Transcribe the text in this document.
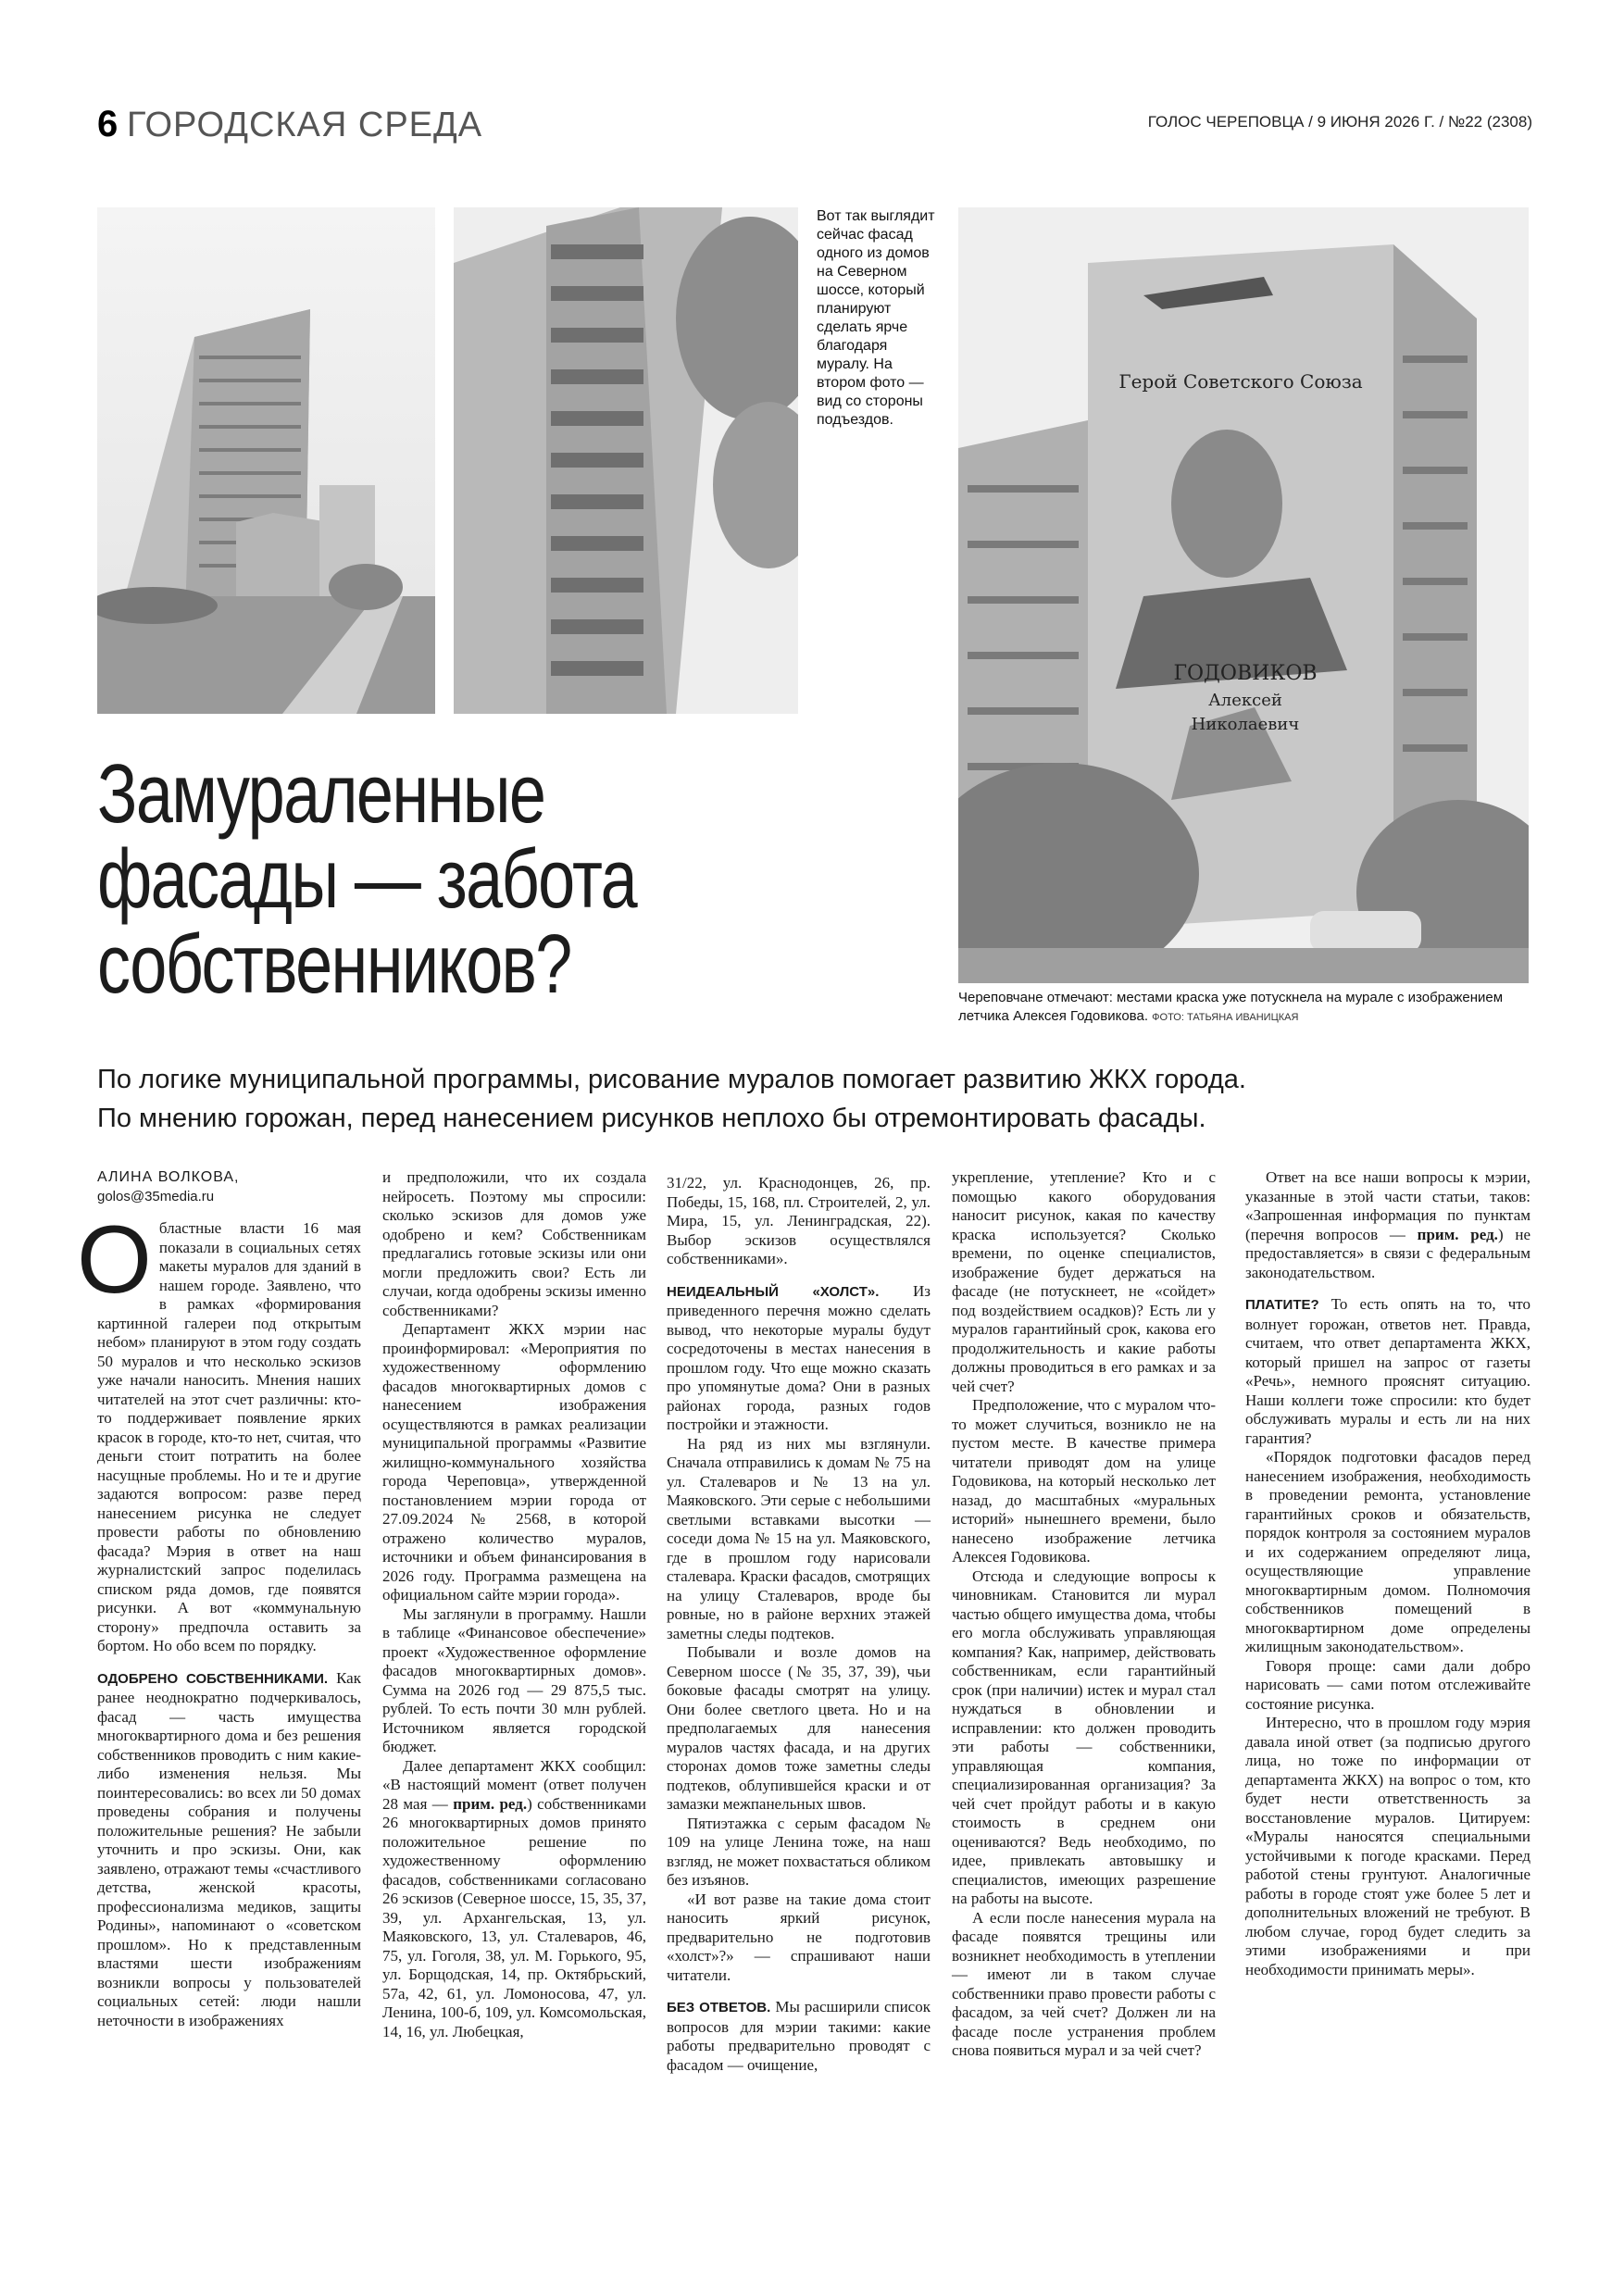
6 ГОРОДСКАЯ СРЕДА	ГОЛОС ЧЕРЕПОВЦА / 9 ИЮНЯ 2026 Г. / №22 (2308)
Вот так выглядит сейчас фасад одного из домов на Северном шоссе, который планируют сделать ярче благодаря муралу. На втором фото — вид со стороны подъездов.
Герой Советского Союза
ГОДОВИКОВ
Алексей
Николаевич
Череповчане отмечают: местами краска уже потускнела на мурале с изображением летчика Алексея Годовикова. ФОТО: ТАТЬЯНА ИВАНИЦКАЯ
Замураленные
фасады — забота
собственников?
По логике муниципальной программы, рисование муралов помогает развитию ЖКХ города.
По мнению горожан, перед нанесением рисунков неплохо бы отремонтировать фасады.

АЛИНА ВОЛКОВА,

golos@35media.ru

Областные власти 16 мая показали в социальных сетях макеты муралов для зданий в нашем городе. Заявлено, что в рамках «формирования картинной галереи под открытым небом» планируют в этом году создать 50 муралов и что несколько эскизов уже начали наносить. Мнения наших читателей на этот счет различны: кто-то поддерживает появление ярких красок в городе, кто-то нет, считая, что деньги стоит потратить на более насущные проблемы. Но и те и другие задаются вопросом: разве перед нанесением рисунка не следует провести работы по обновлению фасада? Мэрия в ответ на наш журналистский запрос поделилась списком ряда домов, где появятся рисунки. А вот «коммунальную сторону» предпочла оставить за бортом. Но обо всем по порядку.

ОДОБРЕНО СОБСТВЕННИКАМИ. Как ранее неоднократно подчеркивалось, фасад — часть имущества многоквартирного дома и без решения собственников проводить с ним какие-либо изменения нельзя. Мы поинтересовались: во всех ли 50 домах проведены собрания и получены положительные решения? Не забыли уточнить и про эскизы. Они, как заявлено, отражают темы «счастливого детства, женской красоты, профессионализма медиков, защиты Родины», напоминают о «советском прошлом». Но к представленным властями шести изображениям возникли вопросы у пользователей социальных сетей: люди нашли неточности в изображениях

и предположили, что их создала нейросеть. Поэтому мы спросили: сколько эскизов для домов уже одобрено и кем? Собственникам предлагались готовые эскизы или они могли предложить свои? Есть ли случаи, когда одобрены эскизы именно собственниками?

Департамент ЖКХ мэрии нас проинформировал: «Мероприятия по художественному оформлению фасадов многоквартирных домов с нанесением изображения осуществляются в рамках реализации муниципальной программы «Развитие жилищно-коммунального хозяйства города Череповца», утвержденной постановлением мэрии города от 27.09.2024 № 2568, в которой отражено количество муралов, источники и объем финансирования в 2026 году. Программа размещена на официальном сайте мэрии города».

Мы заглянули в программу. Нашли в таблице «Финансовое обеспечение» проект «Художественное оформление фасадов многоквартирных домов». Сумма на 2026 год — 29 875,5 тыс. рублей. То есть почти 30 млн рублей. Источником является городской бюджет.

Далее департамент ЖКХ сообщил: «В настоящий момент (ответ получен 28 мая — прим. ред.) собственниками 26 многоквартирных домов принято положительное решение по художественному оформлению фасадов, собственниками согласовано 26 эскизов (Северное шоссе, 15, 35, 37, 39, ул. Архангельская, 13, ул. Маяковского, 13, ул. Сталеваров, 46, 75, ул. Гоголя, 38, ул. М. Горького, 95, ул. Борщодская, 14, пр. Октябрьский, 57а, 42, 61, ул. Ломоносова, 47, ул. Ленина, 100-б, 109, ул. Комсомольская, 14, 16, ул. Любецкая,

31/22, ул. Краснодонцев, 26, пр. Победы, 15, 168, пл. Строителей, 2, ул. Мира, 15, ул. Ленинградская, 22). Выбор эскизов осуществлялся собственниками».

НЕИДЕАЛЬНЫЙ «ХОЛСТ». Из приведенного перечня можно сделать вывод, что некоторые муралы будут сосредоточены в местах нанесения в прошлом году. Что еще можно сказать про упомянутые дома? Они в разных районах города, разных годов постройки и этажности.

На ряд из них мы взглянули. Сначала отправились к домам № 75 на ул. Сталеваров и № 13 на ул. Маяковского. Эти серые с небольшими светлыми вставками высотки — соседи дома № 15 на ул. Маяковского, где в прошлом году нарисовали сталевара. Краски фасадов, смотрящих на улицу Сталеваров, вроде бы ровные, но в районе верхних этажей заметны следы подтеков.

Побывали и возле домов на Северном шоссе (№ 35, 37, 39), чьи боковые фасады смотрят на улицу. Они более светлого цвета. Но и на предполагаемых для нанесения муралов частях фасада, и на других сторонах домов тоже заметны следы подтеков, облупившейся краски и от замазки межпанельных швов.

Пятиэтажка с серым фасадом № 109 на улице Ленина тоже, на наш взгляд, не может похвастаться обликом без изъянов.

«И вот разве на такие дома стоит наносить яркий рисунок, предварительно не подготовив «холст»?» — спрашивают наши читатели.

БЕЗ ОТВЕТОВ. Мы расширили список вопросов для мэрии такими: какие работы предварительно проводят с фасадом — очищение,

укрепление, утепление? Кто и с помощью какого оборудования наносит рисунок, какая по качеству краска используется? Сколько времени, по оценке специалистов, изображение будет держаться на фасаде (не потускнеет, не «сойдет» под воздействием осадков)? Есть ли у муралов гарантийный срок, какова его продолжительность и какие работы должны проводиться в его рамках и за чей счет?

Предположение, что с муралом что-то может случиться, возникло не на пустом месте. В качестве примера читатели приводят дом на улице Годовикова, на который несколько лет назад, до масштабных «муральных историй» нынешнего времени, было нанесено изображение летчика Алексея Годовикова.

Отсюда и следующие вопросы к чиновникам. Становится ли мурал частью общего имущества дома, чтобы его могла обслуживать управляющая компания? Как, например, действовать собственникам, если гарантийный срок (при наличии) истек и мурал стал нуждаться в обновлении и исправлении: кто должен проводить эти работы — собственники, управляющая компания, специализированная организация? За чей счет пройдут работы и в какую стоимость в среднем они оцениваются? Ведь необходимо, по идее, привлекать автовышку и специалистов, имеющих разрешение на работы на высоте.

А если после нанесения мурала на фасаде появятся трещины или возникнет необходимость в утеплении — имеют ли в таком случае собственники право провести работы с фасадом, за чей счет? Должен ли на фасаде после устранения проблем снова появиться мурал и за чей счет?

Ответ на все наши вопросы к мэрии, указанные в этой части статьи, таков: «Запрошенная информация по пунктам (перечня вопросов — прим. ред.) не предоставляется» в связи с федеральным законодательством.

ПЛАТИТЕ? То есть опять на то, что волнует горожан, ответов нет. Правда, считаем, что ответ департамента ЖКХ, который пришел на запрос от газеты «Речь», немного прояснят ситуацию. Наши коллеги тоже спросили: кто будет обслуживать муралы и есть ли на них гарантия?

«Порядок подготовки фасадов перед нанесением изображения, необходимость в проведении ремонта, установление гарантийных сроков и обязательств, порядок контроля за состоянием муралов и их содержанием определяют лица, осуществляющие управление многоквартирным домом. Полномочия собственников помещений в многоквартирном доме определены жилищным законодательством».

Говоря проще: сами дали добро нарисовать — сами потом отслеживайте состояние рисунка.

Интересно, что в прошлом году мэрия давала иной ответ (за подписью другого лица, но тоже по информации от департамента ЖКХ) на вопрос о том, кто будет нести ответственность за восстановление муралов. Цитируем: «Муралы наносятся специальными устойчивыми к погоде красками. Перед работой стены грунтуют. Аналогичные работы в городе стоят уже более 5 лет и дополнительных вложений не требуют. В любом случае, город будет следить за этими изображениями и при необходимости принимать меры».
